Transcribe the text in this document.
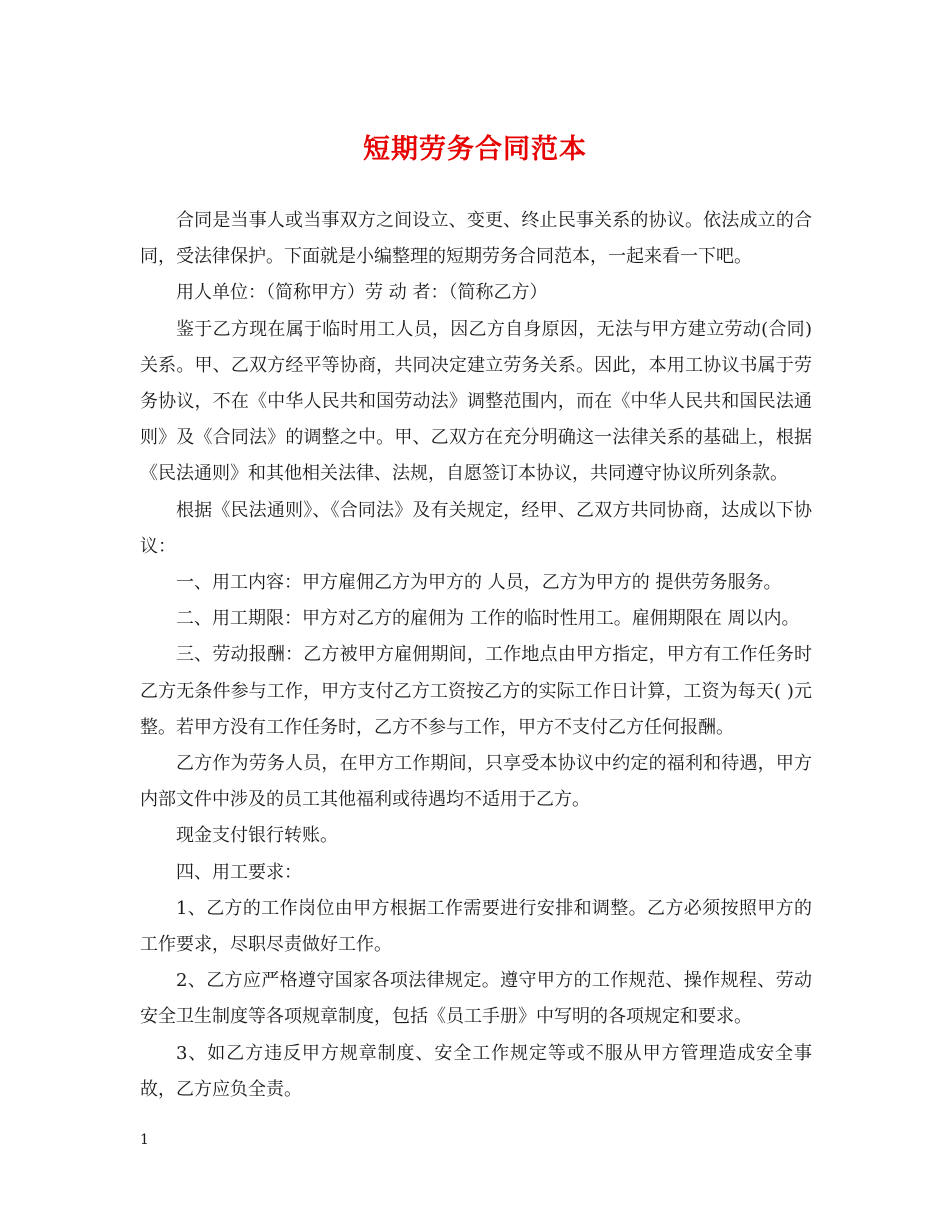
短期劳务合同范本

合同是当事人或当事双方之间设立、变更、终止民事关系的协议。依法成立的合同，受法律保护。下面就是小编整理的短期劳务合同范本，一起来看一下吧。

用人单位：（简称甲方）劳 动 者：（简称乙方）

鉴于乙方现在属于临时用工人员，因乙方自身原因，无法与甲方建立劳动(合同)关系。甲、乙双方经平等协商，共同决定建立劳务关系。因此，本用工协议书属于劳务协议，不在《中华人民共和国劳动法》调整范围内，而在《中华人民共和国民法通则》及《合同法》的调整之中。甲、乙双方在充分明确这一法律关系的基础上，根据《民法通则》和其他相关法律、法规，自愿签订本协议，共同遵守协议所列条款。

根据《民法通则》、《合同法》及有关规定，经甲、乙双方共同协商，达成以下协议：

一、用工内容：甲方雇佣乙方为甲方的 人员，乙方为甲方的 提供劳务服务。

二、用工期限：甲方对乙方的雇佣为 工作的临时性用工。雇佣期限在 周以内。

三、劳动报酬：乙方被甲方雇佣期间，工作地点由甲方指定，甲方有工作任务时乙方无条件参与工作，甲方支付乙方工资按乙方的实际工作日计算，工资为每天( )元整。若甲方没有工作任务时，乙方不参与工作，甲方不支付乙方任何报酬。

乙方作为劳务人员，在甲方工作期间，只享受本协议中约定的福利和待遇，甲方内部文件中涉及的员工其他福利或待遇均不适用于乙方。

现金支付银行转账。

四、用工要求：

1、乙方的工作岗位由甲方根据工作需要进行安排和调整。乙方必须按照甲方的工作要求，尽职尽责做好工作。

2、乙方应严格遵守国家各项法律规定。遵守甲方的工作规范、操作规程、劳动安全卫生制度等各项规章制度，包括《员工手册》中写明的各项规定和要求。

3、如乙方违反甲方规章制度、安全工作规定等或不服从甲方管理造成安全事故，乙方应负全责。

1
